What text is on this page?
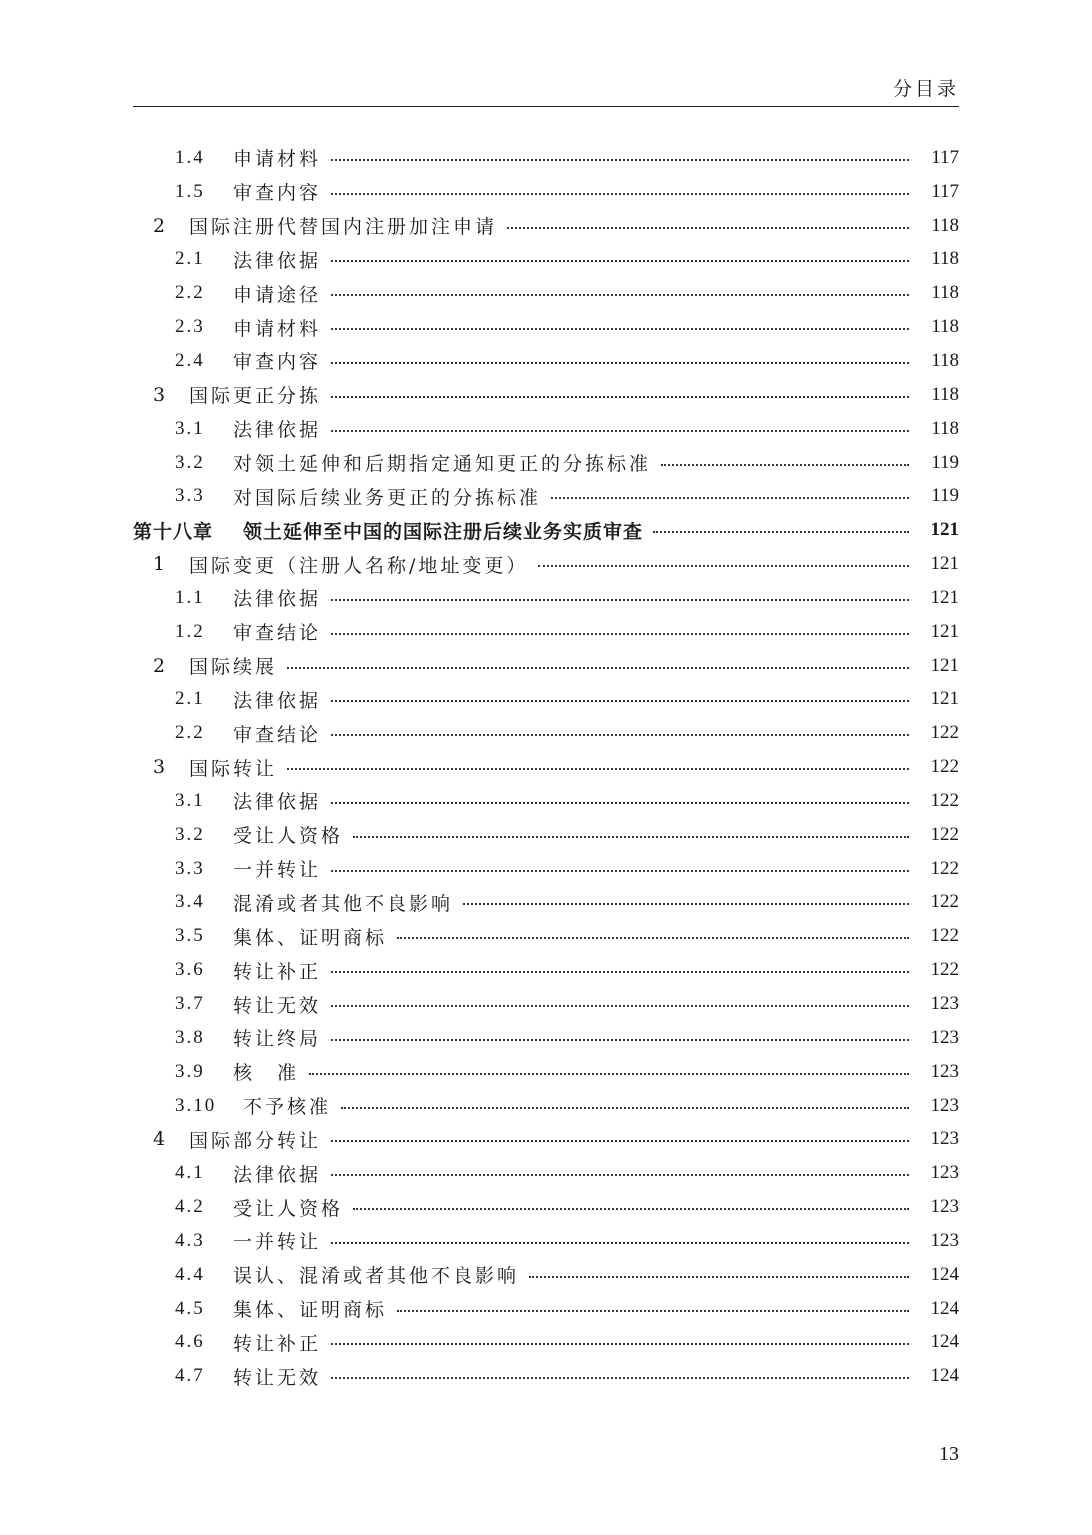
分目录
1.4	申请材料	117
1.5	审查内容	117
2	国际注册代替国内注册加注申请	118
2.1	法律依据	118
2.2	申请途径	118
2.3	申请材料	118
2.4	审查内容	118
3	国际更正分拣	118
3.1	法律依据	118
3.2	对领土延伸和后期指定通知更正的分拣标准	119
3.3	对国际后续业务更正的分拣标准	119
第十八章	领土延伸至中国的国际注册后续业务实质审查	121
1	国际变更（注册人名称/地址变更）	121
1.1	法律依据	121
1.2	审查结论	121
2	国际续展	121
2.1	法律依据	121
2.2	审查结论	122
3	国际转让	122
3.1	法律依据	122
3.2	受让人资格	122
3.3	一并转让	122
3.4	混淆或者其他不良影响	122
3.5	集体、证明商标	122
3.6	转让补正	122
3.7	转让无效	123
3.8	转让终局	123
3.9	核　准	123
3.10	不予核准	123
4	国际部分转让	123
4.1	法律依据	123
4.2	受让人资格	123
4.3	一并转让	123
4.4	误认、混淆或者其他不良影响	124
4.5	集体、证明商标	124
4.6	转让补正	124
4.7	转让无效	124
13
